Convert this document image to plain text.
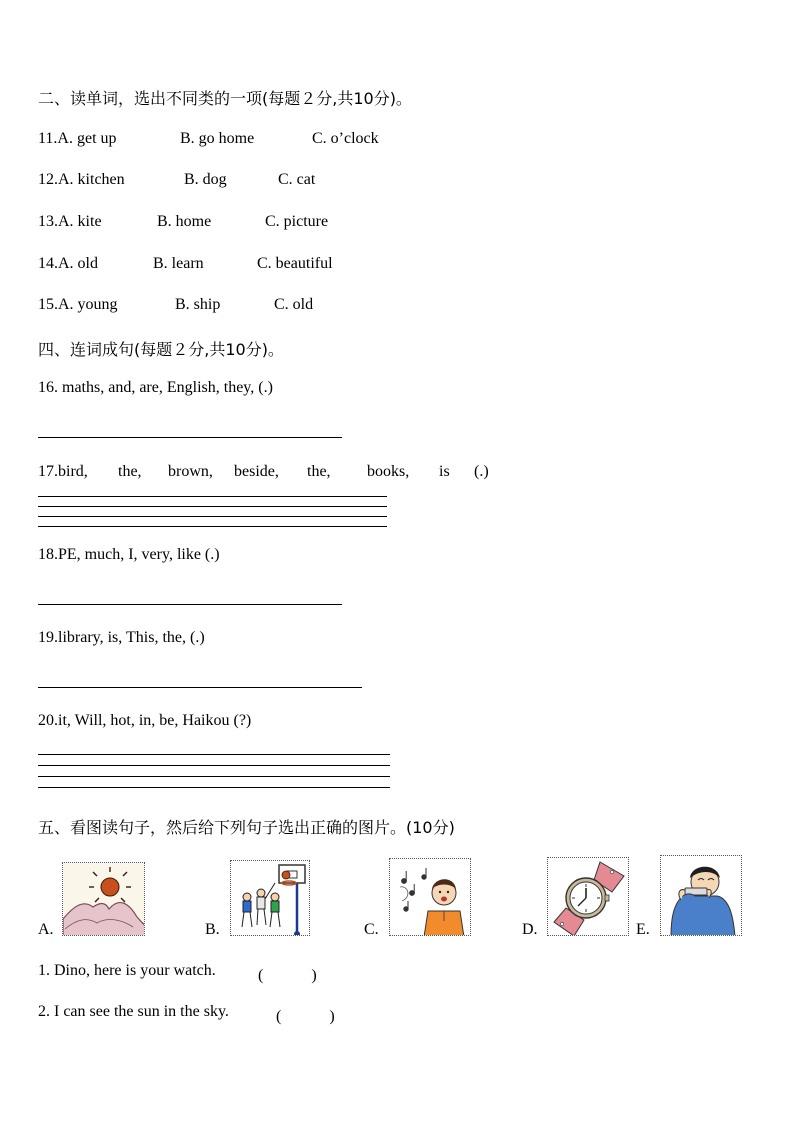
二、读单词，选出不同类的一项(每题２分,共10分)。
11.A. get up	B. go home	C. o’clock
12.A. kitchen	B. dog	C. cat
13.A. kite	B. home	C. picture
14.A. old	B. learn	C. beautiful
15.A. young	B. ship	C. old
四、连词成句(每题２分,共10分)。
16. maths, and, are, English, they, (.)
17.bird, the, brown, beside, the, books, is (.)
18.PE, much, I, very, like (.)
19.library, is, This, the, (.)
20.it, Will, hot, in, be, Haikou (?)
五、看图读句子，然后给下列句子选出正确的图片。(10分)
A.	B.	C.	D.	E.
1. Dino, here is your watch.	(　　　)
2. I can see the sun in the sky.	(　　　)
